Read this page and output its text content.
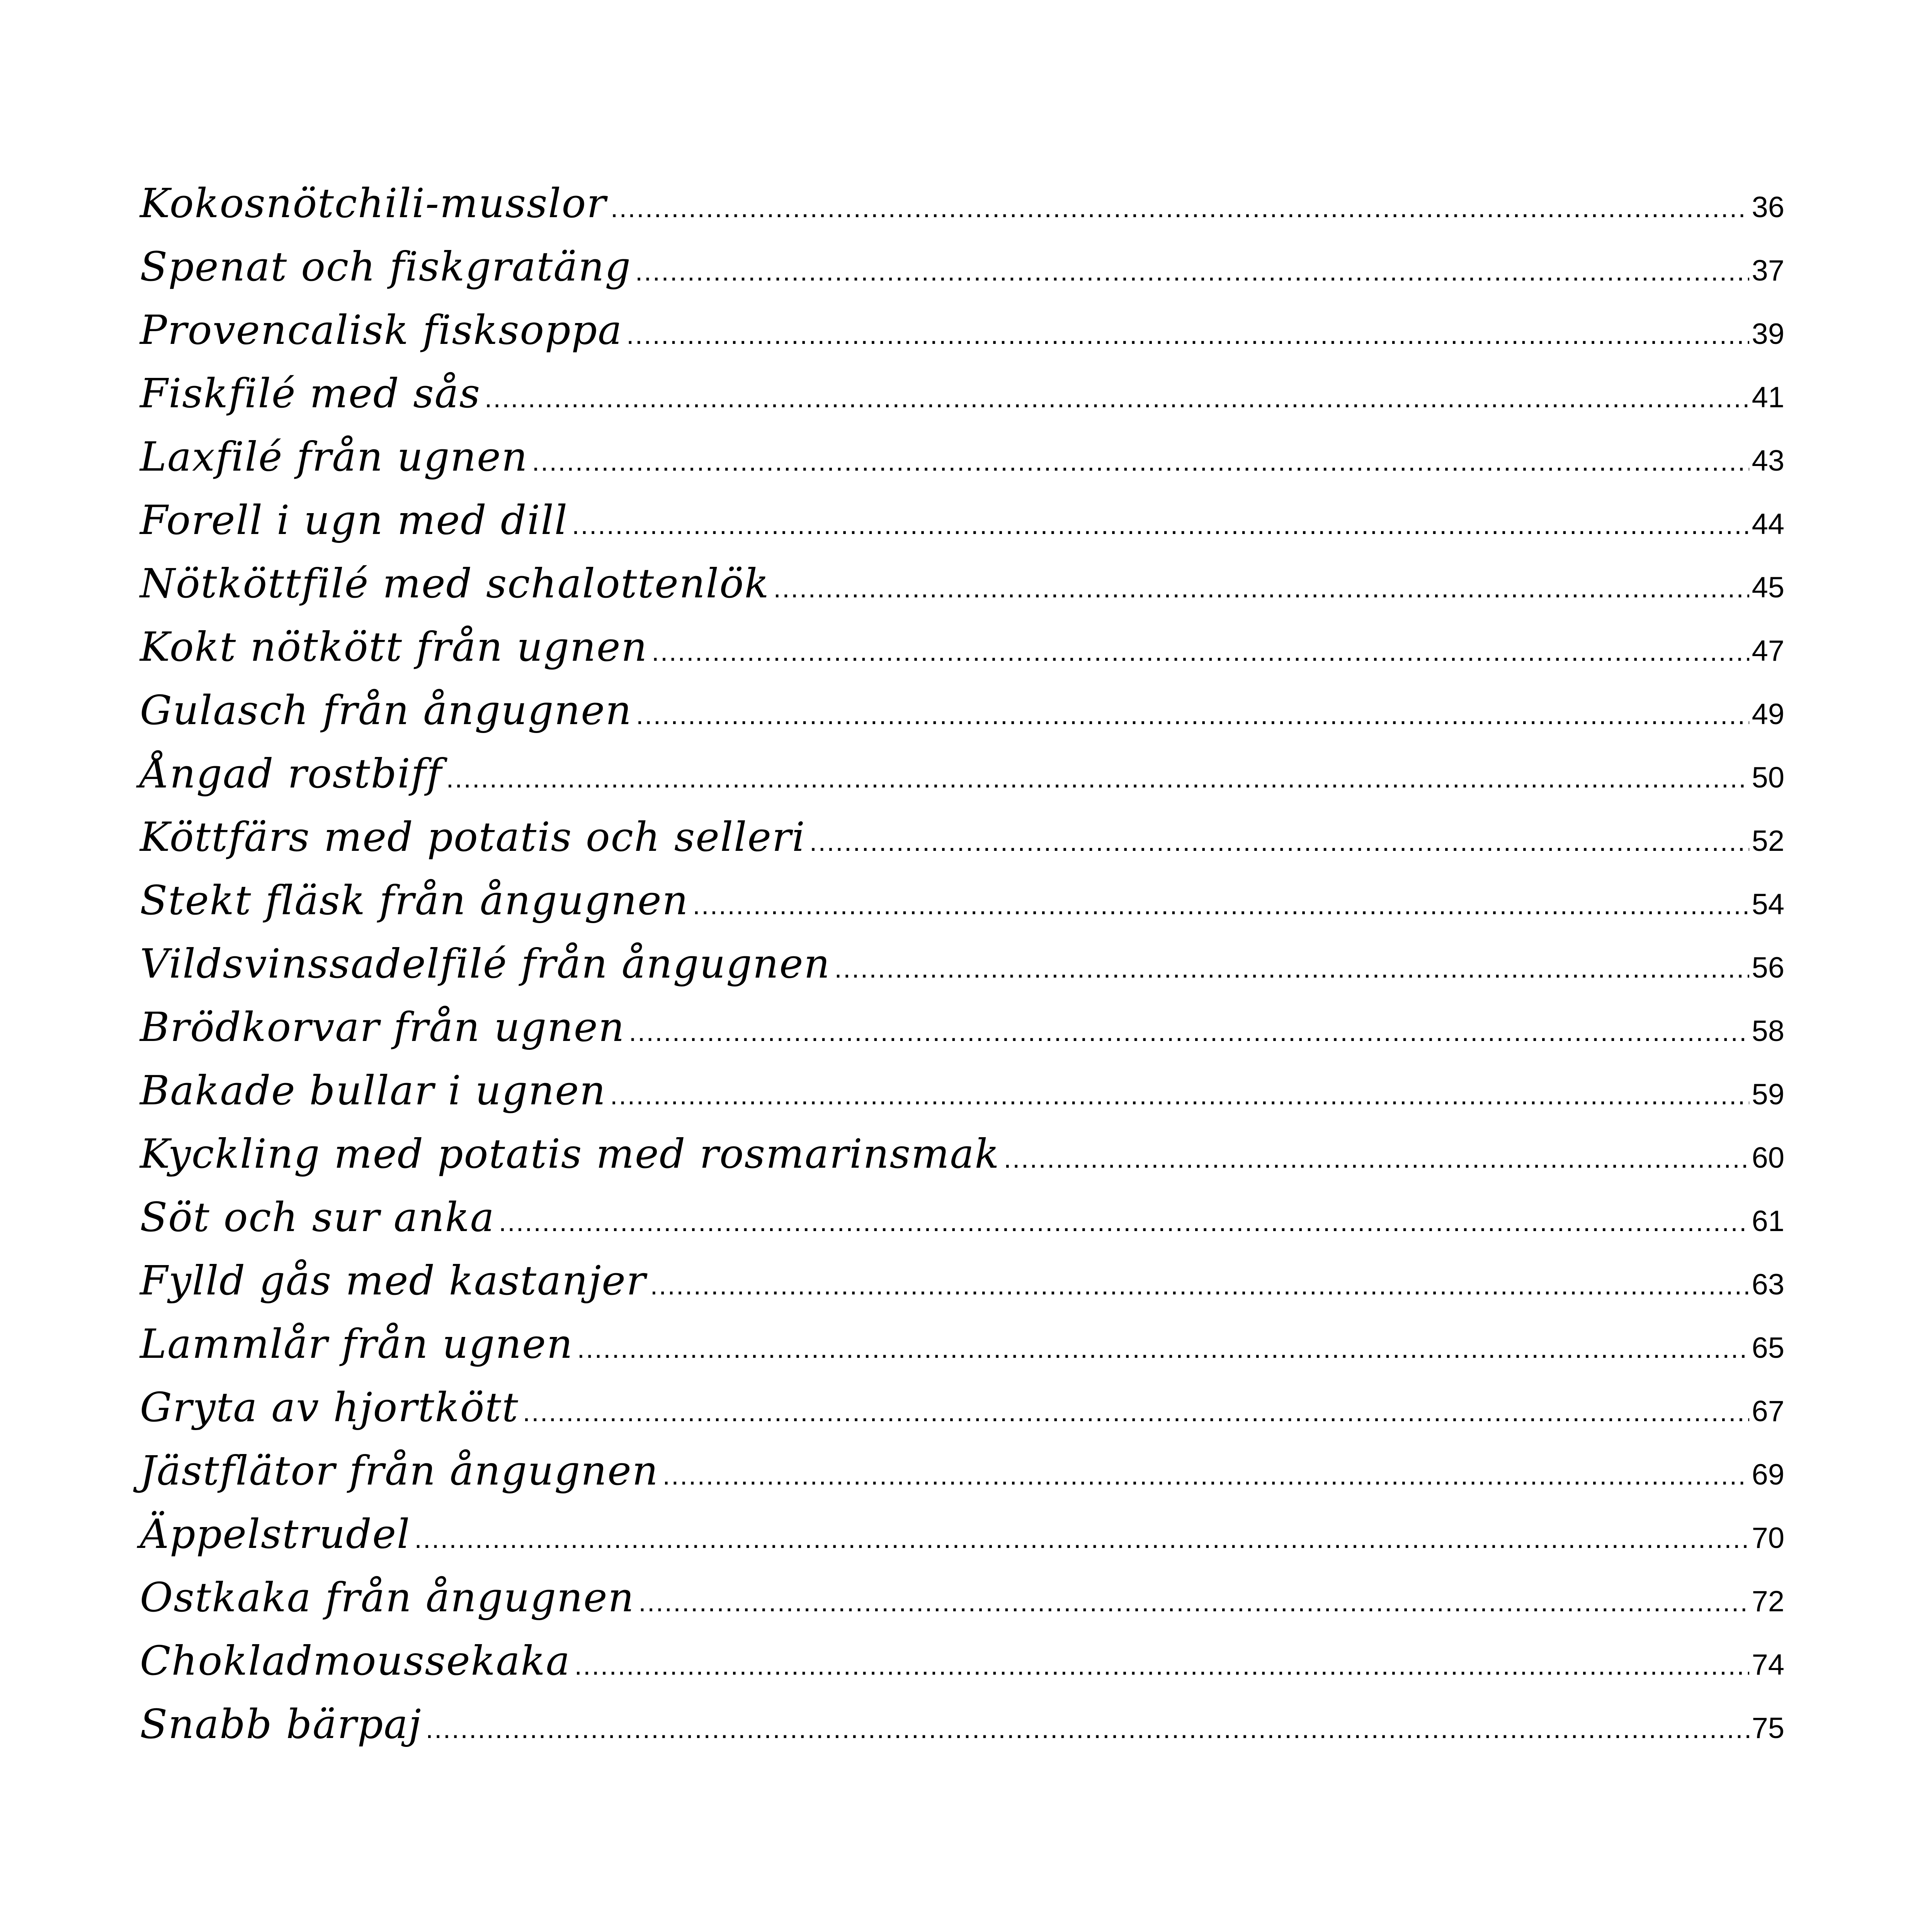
Kokosnötchili-musslor .....	36
Spenat och fiskgratäng .....	37
Provencalisk fisksoppa .....	39
Fiskfilé med sås .....	41
Laxfilé från ugnen .....	43
Forell i ugn med dill .....	44
Nötköttfilé med schalottenlök .....	45
Kokt nötkött från ugnen .....	47
Gulasch från ångugnen .....	49
Ångad rostbiff .....	50
Köttfärs med potatis och selleri .....	52
Stekt fläsk från ångugnen .....	54
Vildsvinssadelfilé från ångugnen .....	56
Brödkorvar från ugnen .....	58
Bakade bullar i ugnen .....	59
Kyckling med potatis med rosmarinsmak .....	60
Söt och sur anka .....	61
Fylld gås med kastanjer .....	63
Lammlår från ugnen .....	65
Gryta av hjortkött .....	67
Jästflätor från ångugnen .....	69
Äppelstrudel .....	70
Ostkaka från ångugnen .....	72
Chokladmoussekaka .....	74
Snabb bärpaj .....	75
